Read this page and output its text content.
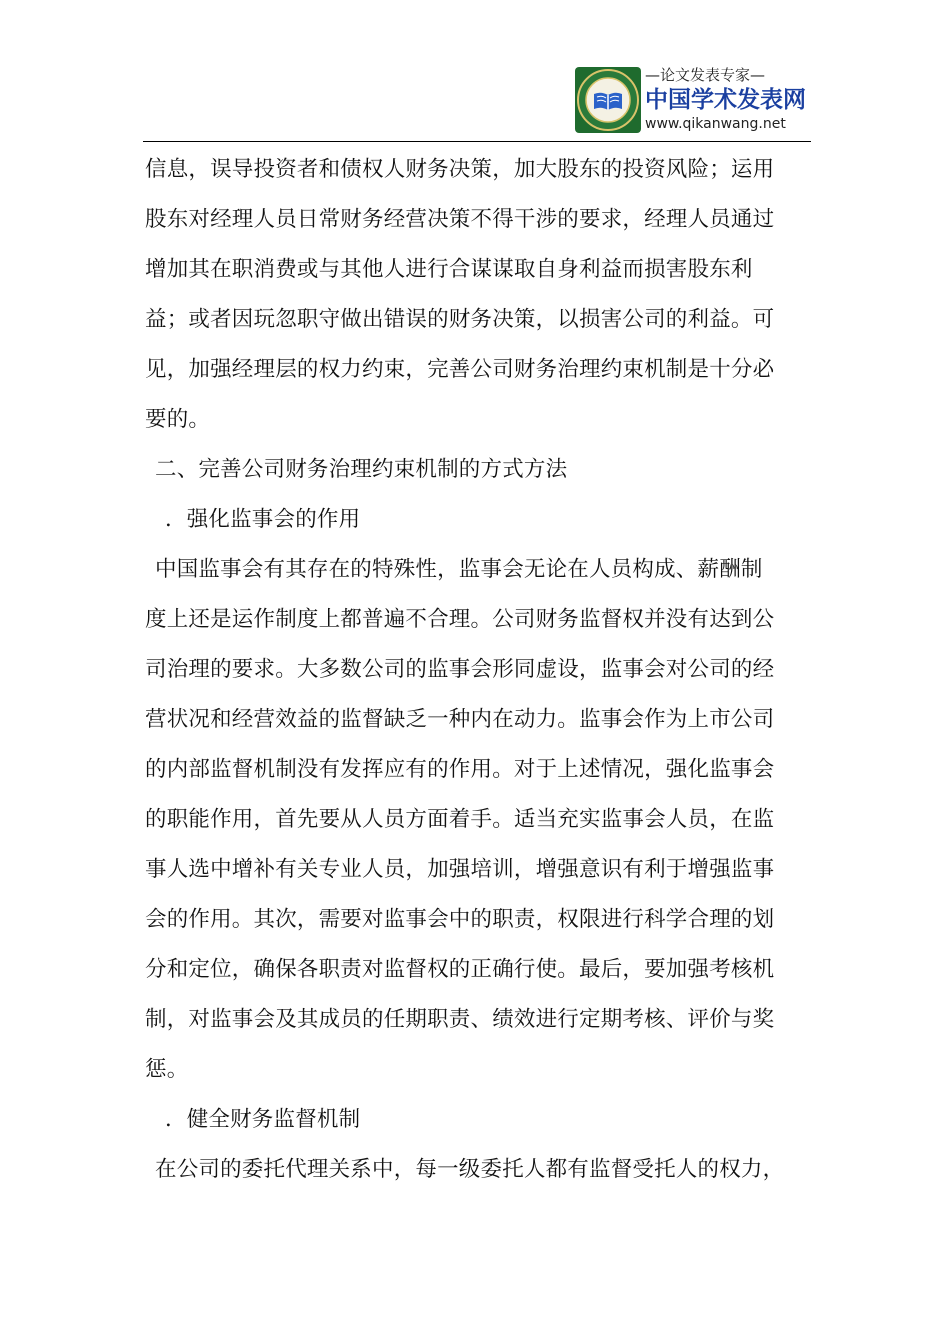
—论文发表专家—
中国学术发表网
www.qikanwang.net
信息，误导投资者和债权人财务决策，加大股东的投资风险；运用
股东对经理人员日常财务经营决策不得干涉的要求，经理人员通过
增加其在职消费或与其他人进行合谋谋取自身利益而损害股东利
益；或者因玩忽职守做出错误的财务决策，以损害公司的利益。可
见，加强经理层的权力约束，完善公司财务治理约束机制是十分必
要的。
二、完善公司财务治理约束机制的方式方法
．强化监事会的作用
中国监事会有其存在的特殊性，监事会无论在人员构成、薪酬制
度上还是运作制度上都普遍不合理。公司财务监督权并没有达到公
司治理的要求。大多数公司的监事会形同虚设，监事会对公司的经
营状况和经营效益的监督缺乏一种内在动力。监事会作为上市公司
的内部监督机制没有发挥应有的作用。对于上述情况，强化监事会
的职能作用，首先要从人员方面着手。适当充实监事会人员，在监
事人选中增补有关专业人员，加强培训，增强意识有利于增强监事
会的作用。其次，需要对监事会中的职责，权限进行科学合理的划
分和定位，确保各职责对监督权的正确行使。最后，要加强考核机
制，对监事会及其成员的任期职责、绩效进行定期考核、评价与奖
惩。
．健全财务监督机制
在公司的委托代理关系中，每一级委托人都有监督受托人的权力，
